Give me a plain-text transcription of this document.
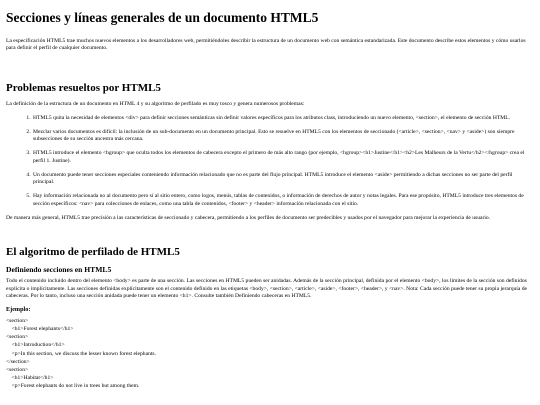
Secciones y líneas generales de un documento HTML5

La especificación HTML5 trae muchos nuevos elementos a los desarrolladores web, permitiéndoles describir la estructura de un documento web con semántica estandarizada. Este documento describe estos elementos y cómo usarlos para definir el perfil de cualquier documento.

Problemas resueltos por HTML5

La definición de la estructura de un documento en HTML 4 y su algoritmo de perfilado es muy tosco y genera numerosos problemas:

1. HTML5 quita la necesidad de elementos <div> para definir secciones semánticas sin definir valores específicos para los atributos class, introduciendo un nuevo elemento, <section>, el elemento de sección HTML.
2. Mezclar varios documentos es difícil: la inclusión de un sub-documento en un documento principal. Esto se resuelve en HTML5 con los elementos de seccionado (<article>, <section>, <nav> y <aside>) son siempre subsecciones de su sección ancestra más cercana.
3. HTML5 introduce el elemento <hgroup> que oculta todos los elementos de cabecera excepto el primero de más alto rango (por ejemplo, <hgroup><h1>Justine</h1><h2>Les Malheurs de la Vertu</h2></hgroup> crea el perfil 1. Justine).
4. Un documento puede tener secciones especiales conteniendo información relacionado que no es parte del flujo principal. HTML5 introduce el elemento <aside> permitiendo a dichas secciones no ser parte del perfil principal.
5. Hay información relacionada no al documento pero sí al sitio entero, como logos, menús, tablas de contenidos, o información de derechos de autor y notas legales. Para ese propósito, HTML5 introduce tres elementos de sección específicos: <nav> para colecciones de enlaces, como una tabla de contenidos, <footer> y <header> información relacionada con el sitio.

De manera más general, HTML5 trae precisión a las características de seccionado y cabecera, permitiendo a los perfiles de documento ser predecibles y usados por el navegador para mejorar la experiencia de usuario.

El algoritmo de perfilado de HTML5
Definiendo secciones en HTML5

Todo el contenido incluido dentro del elemento <body> es parte de una sección. Las secciones en HTML5 pueden ser anidadas. Además de la sección principal, definida por el elemento <body>, los límites de la sección son definidos explícita o implícitamente. Las secciones definidas explícitamente son el contenido definido en las etiquetas <body>, <section>, <article>, <aside>, <footer>, <header>, y <nav>. Nota: Cada sección puede tener su propia jerarquía de cabeceras. Por lo tanto, incluso una sección anidada puede tener un elemento <h1>. Consulte también Definiendo cabeceras en HTML5.

Ejemplo:
<section>
<h1>Forest elephants</h1>
<section>
<h1>Introduction</h1>
<p>In this section, we discuss the lesser known forest elephants.
</section>
<section>
<h1>Habitat</h1>
<p>Forest elephants do not live in trees but among them.
